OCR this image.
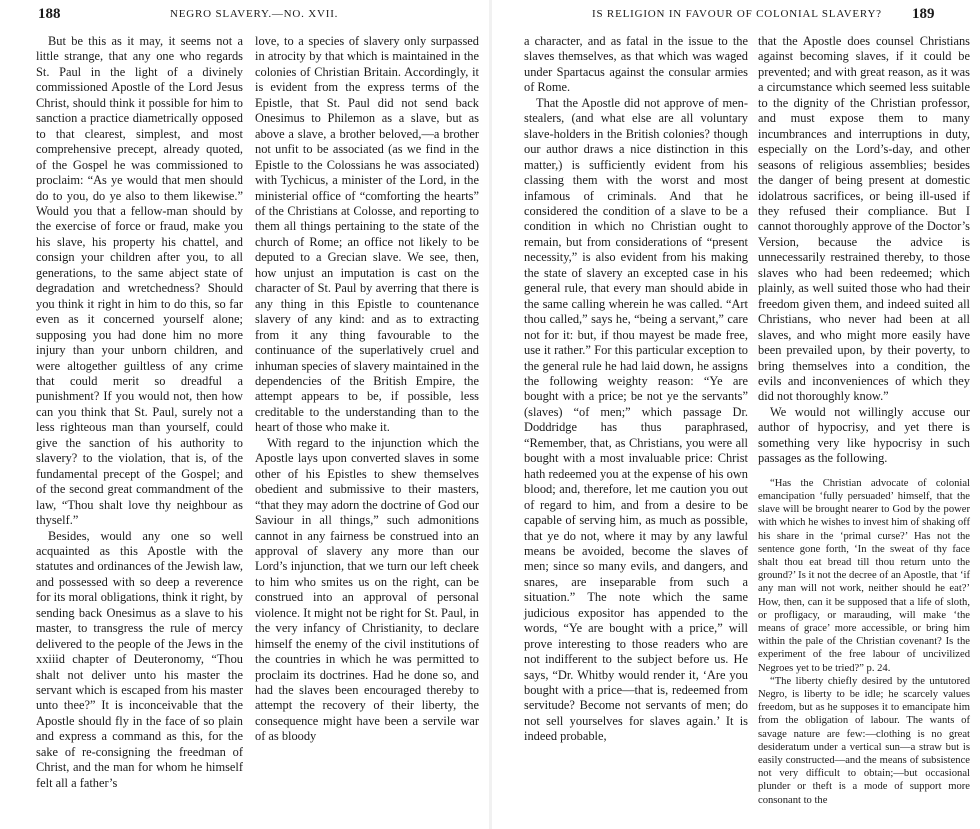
188	NEGRO SLAVERY.—NO. XVII.

But be this as it may, it seems not a little strange, that any one who regards St. Paul in the light of a divinely commissioned Apostle of the Lord Jesus Christ, should think it possible for him to sanction a practice diametrically opposed to that clearest, simplest, and most comprehensive precept, already quoted, of the Gospel he was commissioned to proclaim: “As ye would that men should do to you, do ye also to them likewise.” Would you that a fellow-man should by the exercise of force or fraud, make you his slave, his property his chattel, and consign your children after you, to all generations, to the same abject state of degradation and wretchedness? Should you think it right in him to do this, so far even as it concerned yourself alone; supposing you had done him no more injury than your unborn children, and were altogether guiltless of any crime that could merit so dreadful a punishment? If you would not, then how can you think that St. Paul, surely not a less righteous man than yourself, could give the sanction of his authority to slavery? to the violation, that is, of the fundamental precept of the Gospel; and of the second great commandment of the law, “Thou shalt love thy neighbour as thyself.”

Besides, would any one so well acquainted as this Apostle with the statutes and ordinances of the Jewish law, and possessed with so deep a reverence for its moral obligations, think it right, by sending back Onesimus as a slave to his master, to transgress the rule of mercy delivered to the people of the Jews in the xxiiid chapter of Deuteronomy, “Thou shalt not deliver unto his master the servant which is escaped from his master unto thee?” It is inconceivable that the Apostle should fly in the face of so plain and express a command as this, for the sake of re-consigning the freedman of Christ, and the man for whom he himself felt all a father’s

love, to a species of slavery only surpassed in atrocity by that which is maintained in the colonies of Christian Britain. Accordingly, it is evident from the express terms of the Epistle, that St. Paul did not send back Onesimus to Philemon as a slave, but as above a slave, a brother beloved,—a brother not unfit to be associated (as we find in the Epistle to the Colossians he was associated) with Tychicus, a minister of the Lord, in the ministerial office of “comforting the hearts” of the Christians at Colosse, and reporting to them all things pertaining to the state of the church of Rome; an office not likely to be deputed to a Grecian slave. We see, then, how unjust an imputation is cast on the character of St. Paul by averring that there is any thing in this Epistle to countenance slavery of any kind: and as to extracting from it any thing favourable to the continuance of the superlatively cruel and inhuman species of slavery maintained in the dependencies of the British Empire, the attempt appears to be, if possible, less creditable to the understanding than to the heart of those who make it.

With regard to the injunction which the Apostle lays upon converted slaves in some other of his Epistles to shew themselves obedient and submissive to their masters, “that they may adorn the doctrine of God our Saviour in all things,” such admonitions cannot in any fairness be construed into an approval of slavery any more than our Lord’s injunction, that we turn our left cheek to him who smites us on the right, can be construed into an approval of personal violence. It might not be right for St. Paul, in the very infancy of Christianity, to declare himself the enemy of the civil institutions of the countries in which he was permitted to proclaim its doctrines. Had he done so, and had the slaves been encouraged thereby to attempt the recovery of their liberty, the consequence might have been a servile war of as bloody

IS RELIGION IN FAVOUR OF COLONIAL SLAVERY? 189

a character, and as fatal in the issue to the slaves themselves, as that which was waged under Spartacus against the consular armies of Rome.

That the Apostle did not approve of men-stealers, (and what else are all voluntary slave-holders in the British colonies? though our author draws a nice distinction in this matter,) is sufficiently evident from his classing them with the worst and most infamous of criminals. And that he considered the condition of a slave to be a condition in which no Christian ought to remain, but from considerations of “present necessity,” is also evident from his making the state of slavery an excepted case in his general rule, that every man should abide in the same calling wherein he was called. “Art thou called,” says he, “being a servant,” care not for it: but, if thou mayest be made free, use it rather.” For this particular exception to the general rule he had laid down, he assigns the following weighty reason: “Ye are bought with a price; be not ye the servants” (slaves) “of men;” which passage Dr. Doddridge has thus paraphrased, “Remember, that, as Christians, you were all bought with a most invaluable price: Christ hath redeemed you at the expense of his own blood; and, therefore, let me caution you out of regard to him, and from a desire to be capable of serving him, as much as possible, that ye do not, where it may by any lawful means be avoided, become the slaves of men; since so many evils, and dangers, and snares, are inseparable from such a situation.” The note which the same judicious expositor has appended to the words, “Ye are bought with a price,” will prove interesting to those readers who are not indifferent to the subject before us. He says, “Dr. Whitby would render it, ‘Are you bought with a price—that is, redeemed from servitude? Become not servants of men; do not sell yourselves for slaves again.’ It is indeed probable,

that the Apostle does counsel Christians against becoming slaves, if it could be prevented; and with great reason, as it was a circumstance which seemed less suitable to the dignity of the Christian professor, and must expose them to many incumbrances and interruptions in duty, especially on the Lord’s-day, and other seasons of religious assemblies; besides the danger of being present at domestic idolatrous sacrifices, or being ill-used if they refused their compliance. But I cannot thoroughly approve of the Doctor’s Version, because the advice is unnecessarily restrained thereby, to those slaves who had been redeemed; which plainly, as well suited those who had their freedom given them, and indeed suited all Christians, who never had been at all slaves, and who might more easily have been prevailed upon, by their poverty, to bring themselves into a condition, the evils and inconveniences of which they did not thoroughly know.”

We would not willingly accuse our author of hypocrisy, and yet there is something very like hypocrisy in such passages as the following.

“Has the Christian advocate of colonial emancipation ‘fully persuaded’ himself, that the slave will be brought nearer to God by the power with which he wishes to invest him of shaking off his share in the ‘primal curse?’ Has not the sentence gone forth, ‘In the sweat of thy face shalt thou eat bread till thou return unto the ground?’ Is it not the decree of an Apostle, that ‘if any man will not work, neither should he eat?’ How, then, can it be supposed that a life of sloth, or profligacy, or marauding, will make ‘the means of grace’ more accessible, or bring him within the pale of the Christian covenant? Is the experiment of the free labour of uncivilized Negroes yet to be tried?” p. 24.

“The liberty chiefly desired by the untutored Negro, is liberty to be idle; he scarcely values freedom, but as he supposes it to emancipate him from the obligation of labour. The wants of savage nature are few:—clothing is no great desideratum under a vertical sun—a straw but is easily constructed—and the means of subsistence not very difficult to obtain;—but occasional plunder or theft is a mode of support more consonant to the
